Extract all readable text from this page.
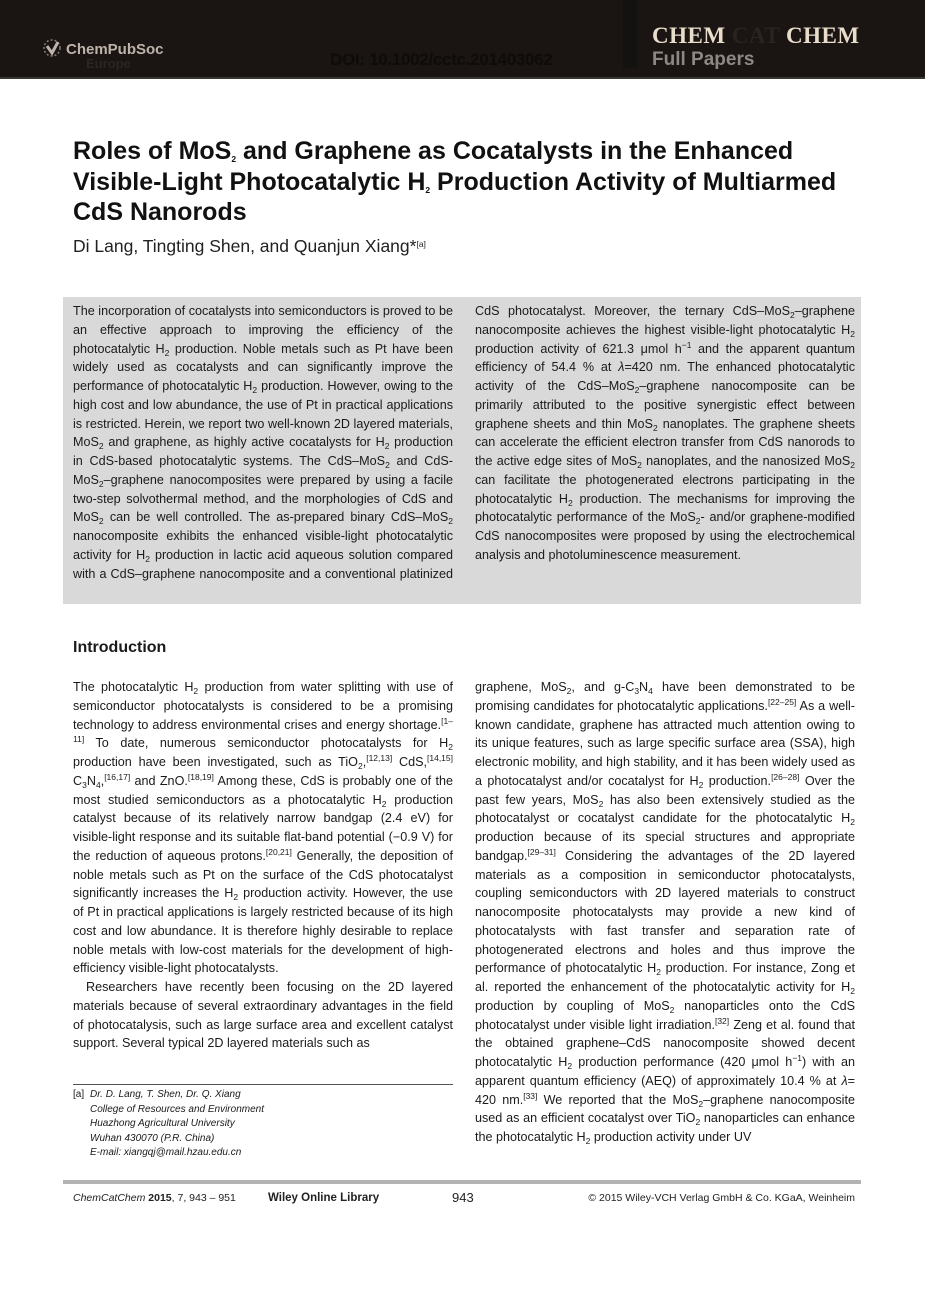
ChemPubSoc
Europe	DOI: 10.1002/cctc.201403062
CHEM CAT CHEM
Full Papers
Roles of MoS$_2$ and Graphene as Cocatalysts in the Enhanced Visible-Light Photocatalytic $H_2$ Production Activity of Multiarmed CdS Nanorods
Di Lang, Tingting Shen, and Quanjun Xiang*[a]
The incorporation of cocatalysts into semiconductors is proved to be an effective approach to improving the efficiency of the photocatalytic $H_2$ production. Noble metals such as Pt have been widely used as cocatalysts and can significantly improve the performance of photocatalytic $H_2$ production. However, owing to the high cost and low abundance, the use of Pt in practical applications is restricted. Herein, we report two well-known 2D layered materials, MoS$_2$ and graphene, as highly active cocatalysts for $H_2$ production in CdS-based photocatalytic systems. The CdS–MoS$_2$ and CdS-MoS$_2$–graphene nanocomposites were prepared by using a facile two-step solvothermal method, and the morphologies of CdS and MoS$_2$ can be well controlled. The as-prepared binary CdS–MoS$_2$ nanocomposite exhibits the enhanced visible-light photocatalytic activity for $H_2$ production in lactic acid aqueous solution compared with a CdS–graphene nanocomposite and a conventional platinized CdS photocatalyst. Moreover, the ternary CdS–MoS$_2$–graphene nanocomposite achieves the highest visible-light photocatalytic $H_2$ production activity of 621.3 μmol $h^{-1}$ and the apparent quantum efficiency of 54.4 % at λ=420 nm. The enhanced photocatalytic activity of the CdS–MoS$_2$–graphene nanocomposite can be primarily attributed to the positive synergistic effect between graphene sheets and thin MoS$_2$ nanoplates. The graphene sheets can accelerate the efficient electron transfer from CdS nanorods to the active edge sites of MoS$_2$ nanoplates, and the nanosized MoS$_2$ can facilitate the photogenerated electrons participating in the photocatalytic $H_2$ production. The mechanisms for improving the photocatalytic performance of the MoS$_2$- and/or graphene-modified CdS nanocomposites were proposed by using the electrochemical analysis and photoluminescence measurement.
Introduction

The photocatalytic $H_2$ production from water splitting with use of semiconductor photocatalysts is considered to be a promising technology to address environmental crises and energy shortage.[1–11] To date, numerous semiconductor photocatalysts for $H_2$ production have been investigated, such as TiO$_2$,[12,13] CdS,[14,15] $C_3N_4,[16,17]$ and ZnO.[18,19] Among these, CdS is probably one of the most studied semiconductors as a photocatalytic $H_2$ production catalyst because of its relatively narrow bandgap (2.4 eV) for visible-light response and its suitable flat-band potential (−0.9 V) for the reduction of aqueous protons.[20,21] Generally, the deposition of noble metals such as Pt on the surface of the CdS photocatalyst significantly increases the $H_2$ production activity. However, the use of Pt in practical applications is largely restricted because of its high cost and low abundance. It is therefore highly desirable to replace noble metals with low-cost materials for the development of high-efficiency visible-light photocatalysts.

Researchers have recently been focusing on the 2D layered materials because of several extraordinary advantages in the field of photocatalysis, such as large surface area and excellent catalyst support. Several typical 2D layered materials such as

graphene, MoS$_2$, and $g-C_3N_4$ have been demonstrated to be promising candidates for photocatalytic applications.[22–25] As a well-known candidate, graphene has attracted much attention owing to its unique features, such as large specific surface area (SSA), high electronic mobility, and high stability, and it has been widely used as a photocatalyst and/or cocatalyst for $H_2$ production.[26–28] Over the past few years, MoS$_2$ has also been extensively studied as the photocatalyst or cocatalyst candidate for the photocatalytic $H_2$ production because of its special structures and appropriate bandgap.[29–31] Considering the advantages of the 2D layered materials as a composition in semiconductor photocatalysts, coupling semiconductors with 2D layered materials to construct nanocomposite photocatalysts may provide a new kind of photocatalysts with fast transfer and separation rate of photogenerated electrons and holes and thus improve the performance of photocatalytic $H_2$ production. For instance, Zong et al. reported the enhancement of the photocatalytic activity for $H_2$ production by coupling of MoS$_2$ nanoparticles onto the CdS photocatalyst under visible light irradiation.[32] Zeng et al. found that the obtained graphene–CdS nanocomposite showed decent photocatalytic $H_2$ production performance (420 μmol $h^{-1}$) with an apparent quantum efficiency (AEQ) of approximately 10.4 % at λ= 420 nm.[33] We reported that the MoS$_2$–graphene nanocomposite used as an efficient cocatalyst over TiO$_2$ nanoparticles can enhance the photocatalytic $H_2$ production activity under UV

[a] Dr. D. Lang, T. Shen, Dr. Q. Xiang
College of Resources and Environment
Huazhong Agricultural University
Wuhan 430070 (P.R. China)
E-mail: xiangqj@mail.hzau.edu.cn
ChemCatChem 2015, 7, 943 – 951	Wiley Online Library	943	© 2015 Wiley-VCH Verlag GmbH & Co. KGaA, Weinheim
